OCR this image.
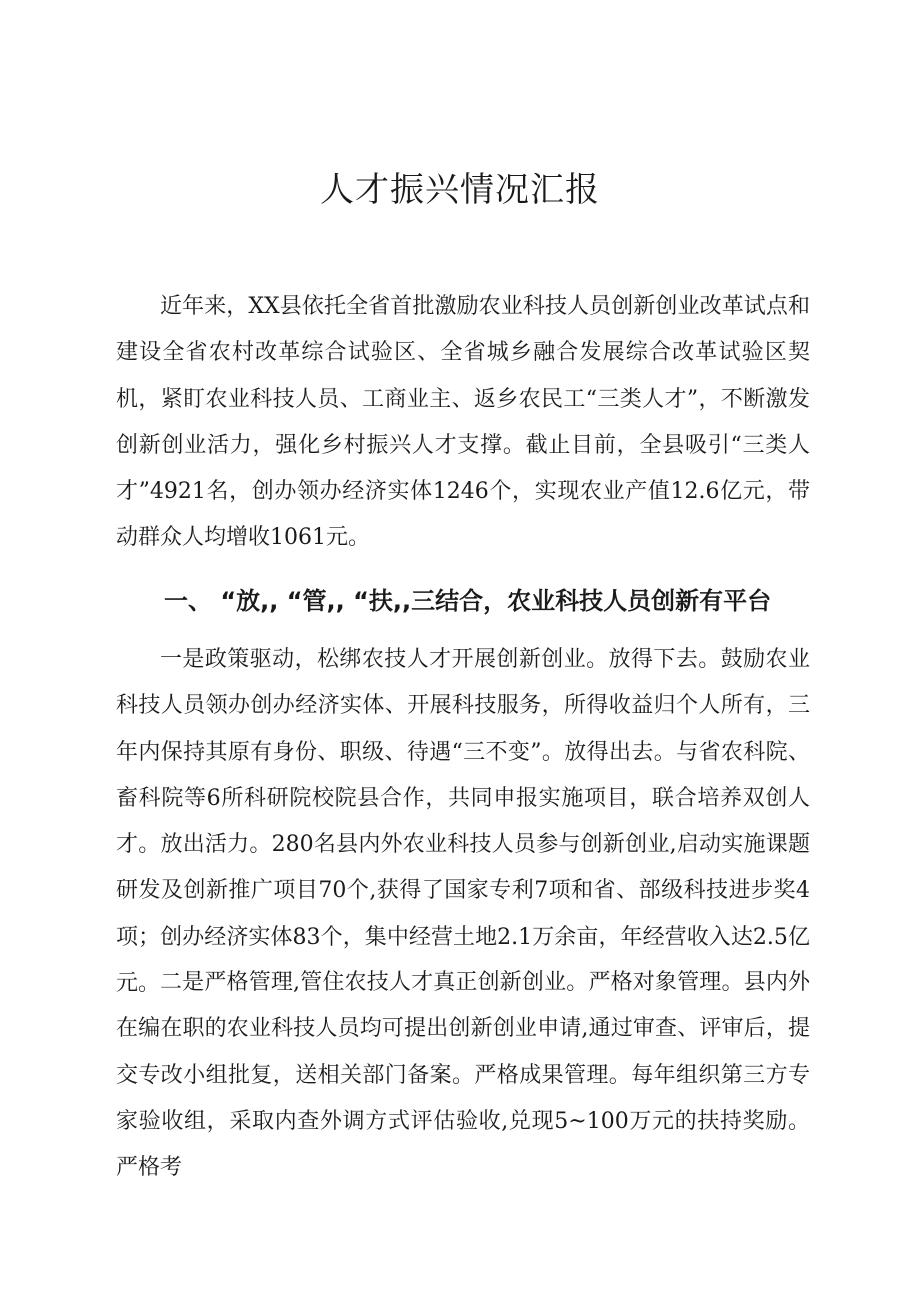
人才振兴情况汇报

近年来，XX县依托全省首批激励农业科技人员创新创业改革试点和建设全省农村改革综合试验区、全省城乡融合发展综合改革试验区契机，紧盯农业科技人员、工商业主、返乡农民工“三类人才”，不断激发创新创业活力，强化乡村振兴人才支撑。截止目前，全县吸引“三类人才”4921名，创办领办经济实体1246个，实现农业产值12.6亿元，带动群众人均增收1061元。

一、 “放,, “管,, “扶,,三结合，农业科技人员创新有平台

一是政策驱动，松绑农技人才开展创新创业。放得下去。鼓励农业科技人员领办创办经济实体、开展科技服务，所得收益归个人所有，三年内保持其原有身份、职级、待遇“三不变”。放得出去。与省农科院、畜科院等6所科研院校院县合作，共同申报实施项目，联合培养双创人才。放出活力。280名县内外农业科技人员参与创新创业,启动实施课题研发及创新推广项目70个,获得了国家专利7项和省、部级科技进步奖4项；创办经济实体83个，集中经营土地2.1万余亩，年经营收入达2.5亿元。 二是严格管理,管住农技人才真正创新创业。严格对象管理。县内外在编在职的农业科技人员均可提出创新创业申请,通过审查、评审后，提交专改小组批复，送相关部门备案。严格成果管理。每年组织第三方专家验收组，采取内查外调方式评估验收,兑现5~100万元的扶持奖励。严格考
